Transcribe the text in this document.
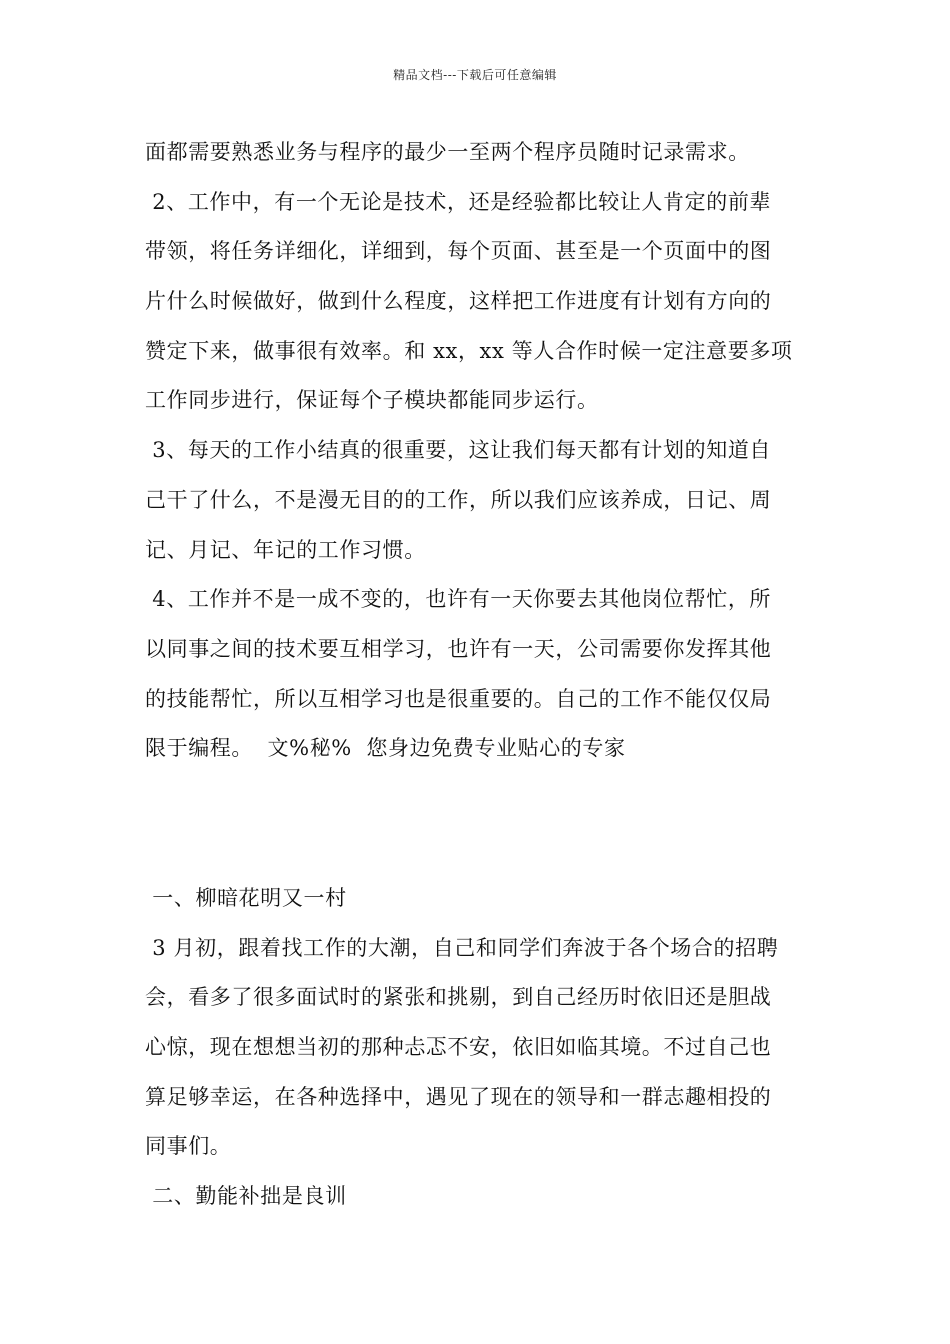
精品文档---下载后可任意编辑
面都需要熟悉业务与程序的最少一至两个程序员随时记录需求。
2、工作中，有一个无论是技术，还是经验都比较让人肯定的前辈
带领，将任务详细化，详细到，每个页面、甚至是一个页面中的图
片什么时候做好，做到什么程度，这样把工作进度有计划有方向的
赞定下来，做事很有效率。和 xx，xx 等人合作时候一定注意要多项
工作同步进行，保证每个子模块都能同步运行。
3、每天的工作小结真的很重要，这让我们每天都有计划的知道自
己干了什么，不是漫无目的的工作，所以我们应该养成，日记、周
记、月记、年记的工作习惯。
4、工作并不是一成不变的，也许有一天你要去其他岗位帮忙，所
以同事之间的技术要互相学习，也许有一天，公司需要你发挥其他
的技能帮忙，所以互相学习也是很重要的。自己的工作不能仅仅局
限于编程。  文%秘%  您身边免费专业贴心的专家
一、柳暗花明又一村
3 月初，跟着找工作的大潮，自己和同学们奔波于各个场合的招聘
会，看多了很多面试时的紧张和挑剔，到自己经历时依旧还是胆战
心惊，现在想想当初的那种忐忑不安，依旧如临其境。不过自己也
算足够幸运，在各种选择中，遇见了现在的领导和一群志趣相投的
同事们。
二、勤能补拙是良训
